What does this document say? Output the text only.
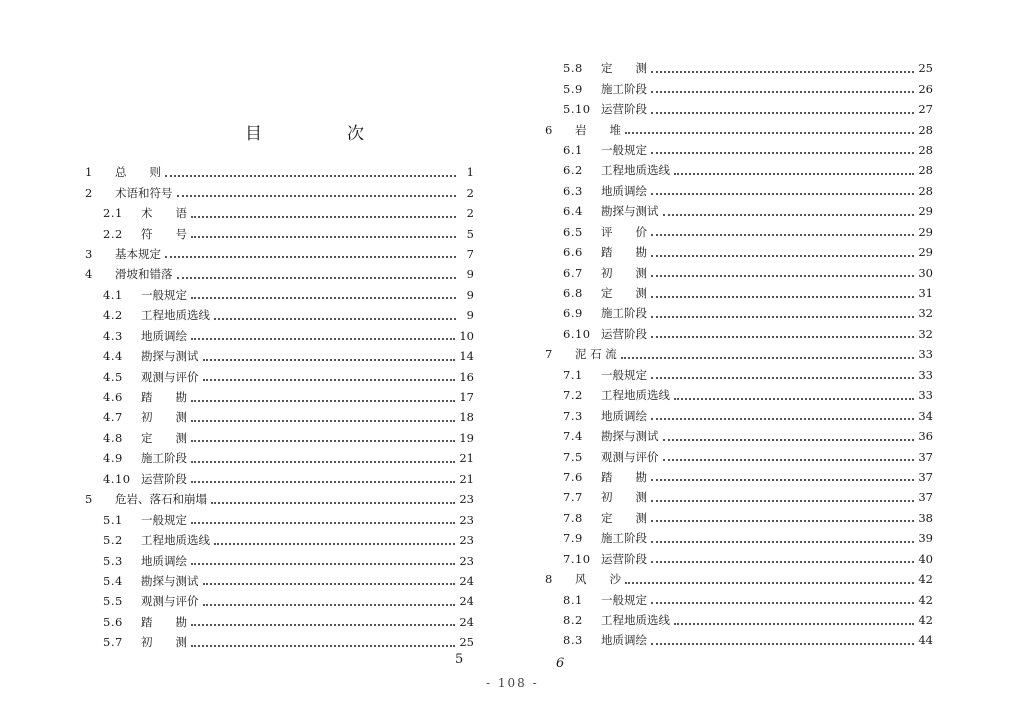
目　次
1	总　　则	1
2	术语和符号	2
2.1	术　　语	2
2.2	符　　号	5
3	基本规定	7
4	滑坡和错落	9
4.1	一般规定	9
4.2	工程地质选线	9
4.3	地质调绘	10
4.4	勘探与测试	14
4.5	观测与评价	16
4.6	踏　　勘	17
4.7	初　　测	18
4.8	定　　测	19
4.9	施工阶段	21
4.10 运营阶段	21
5	危岩、落石和崩塌	23
5.1	一般规定	23
5.2	工程地质选线	23
5.3	地质调绘	23
5.4	勘探与测试	24
5.5	观测与评价	24
5.6	踏　　勘	24
5.7	初　　测	25
5.8	定　　测	25
5.9	施工阶段	26
5.10 运营阶段	27
6	岩　　堆	28
6.1	一般规定	28
6.2	工程地质选线	28
6.3	地质调绘	28
6.4	勘探与测试	29
6.5	评　　价	29
6.6	踏　　勘	29
6.7	初　　测	30
6.8	定　　测	31
6.9	施工阶段	32
6.10 运营阶段	32
7	泥 石 流	33
7.1	一般规定	33
7.2	工程地质选线	33
7.3	地质调绘	34
7.4	勘探与测试	36
7.5	观测与评价	37
7.6	踏　　勘	37
7.7	初　　测	37
7.8	定　　测	38
7.9	施工阶段	39
7.10 运营阶段	40
8	风　　沙	42
8.1	一般规定	42
8.2	工程地质选线	42
8.3	地质调绘	44
5	6
- 108 -
